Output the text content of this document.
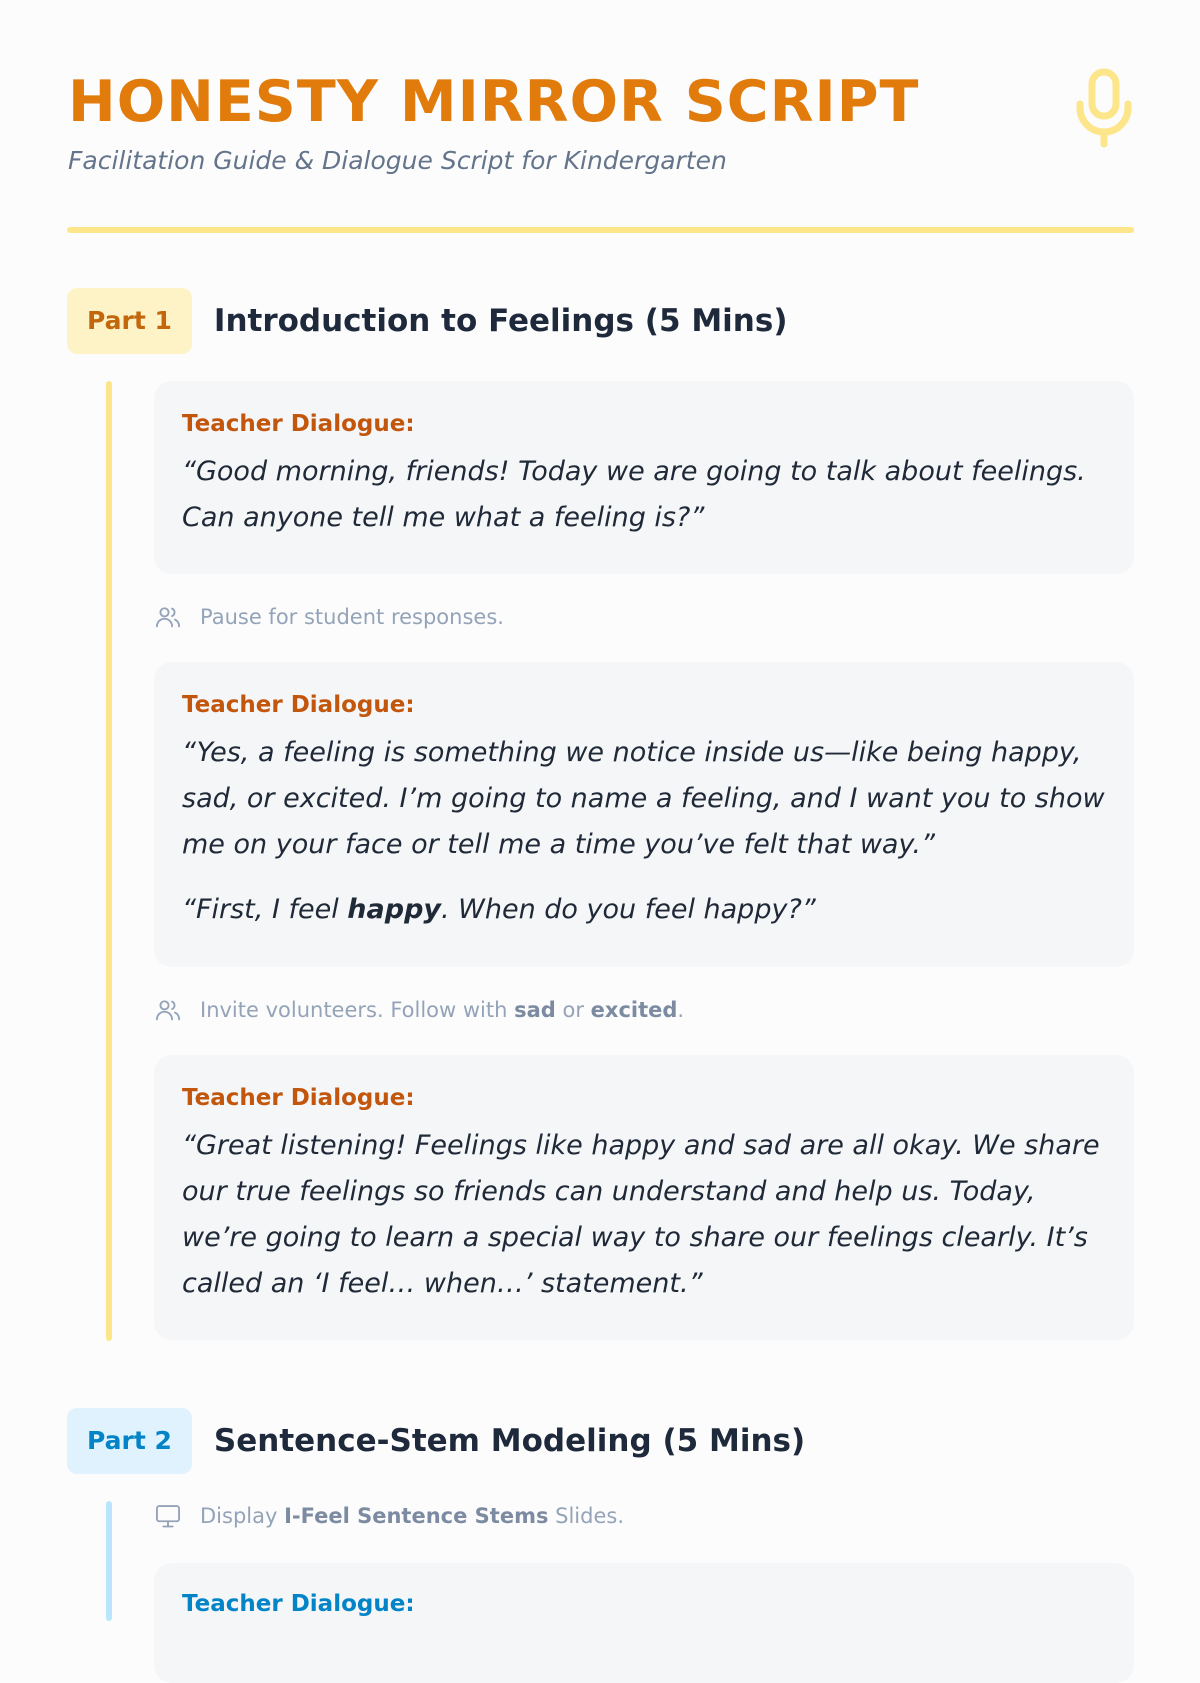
HONESTY MIRROR SCRIPT
Facilitation Guide & Dialogue Script for Kindergarten
Part 1	Introduction to Feelings (5 Mins)
Teacher Dialogue:

“Good morning, friends! Today we are going to talk about feelings. Can anyone tell me what a feeling is?”

Pause for student responses.
Teacher Dialogue:

“Yes, a feeling is something we notice inside us—like being happy, sad, or excited. I’m going to name a feeling, and I want you to show me on your face or tell me a time you’ve felt that way.”

“First, I feel happy. When do you feel happy?”

Invite volunteers. Follow with sad or excited.
Teacher Dialogue:

“Great listening! Feelings like happy and sad are all okay. We share our true feelings so friends can understand and help us. Today, we’re going to learn a special way to share our feelings clearly. It’s called an ‘I feel… when…’ statement.”

Part 2	Sentence-Stem Modeling (5 Mins)
Display I-Feel Sentence Stems Slides.
Teacher Dialogue:
